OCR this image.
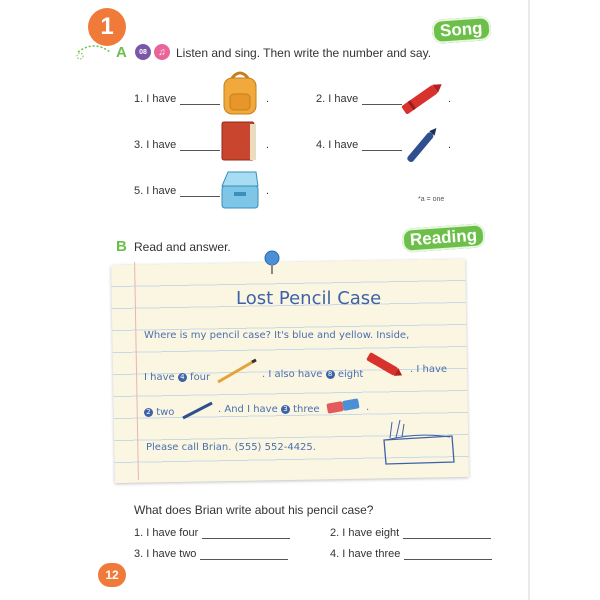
1
A	08	♫ Listen and sing. Then write the number and say.
Song
1. I have	.	2. I have	.
3. I have	.	4. I have	.
5. I have	.
*a = one
B Read and answer.	Reading
Lost Pencil Case
Where is my pencil case? It's blue and yellow. Inside,
I have 4 four	. I also have 8 eight	. I have
2 two	. And I have 3 three	.
Please call Brian. (555) 552-4425.
What does Brian write about his pencil case?
1. I have four	2. I have eight
3. I have two	4. I have three
12
